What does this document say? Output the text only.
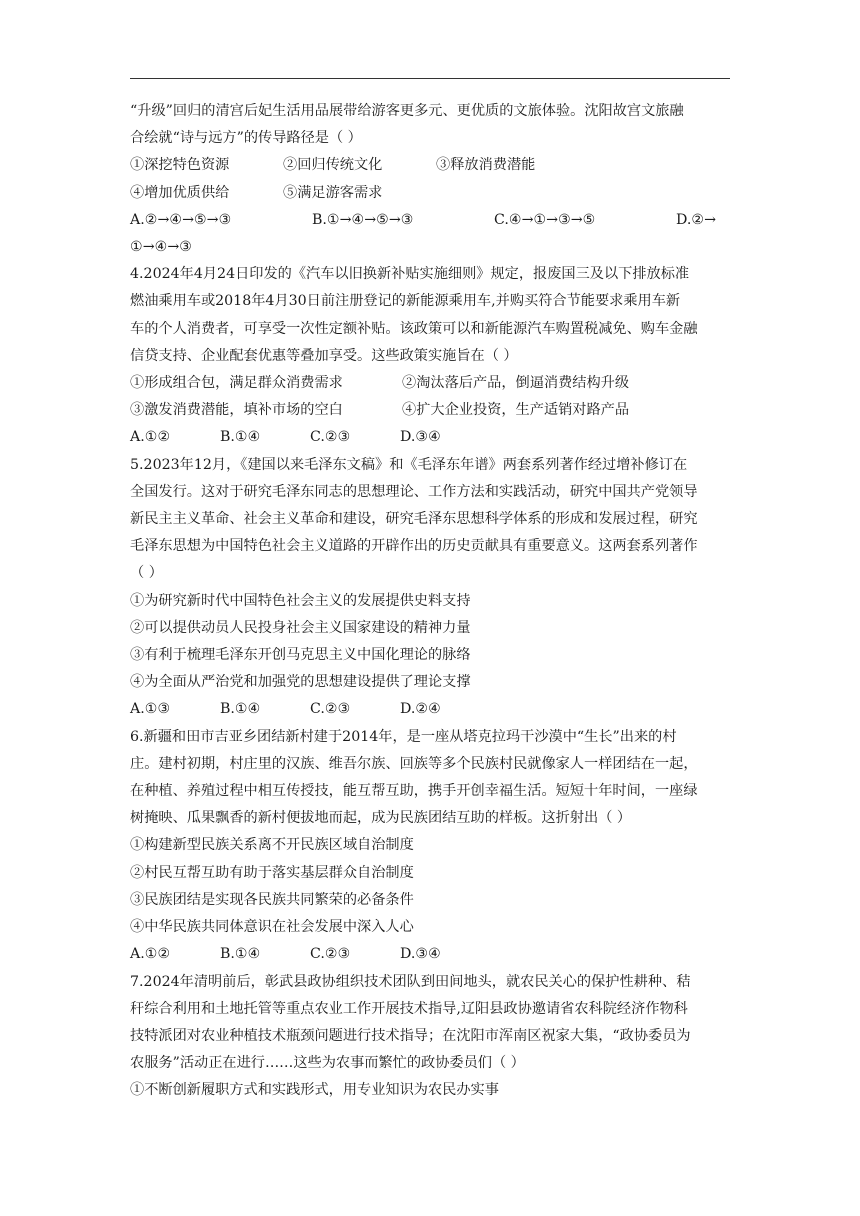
“升级”回归的清宫后妃生活用品展带给游客更多元、更优质的文旅体验。沈阳故宫文旅融
合绘就“诗与远方”的传导路径是（ ）
①深挖特色资源	②回归传统文化	③释放消费潜能
④增加优质供给	⑤满足游客需求
A.②→④→⑤→③	B.①→④→⑤→③	C.④→①→③→⑤	D.②→
①→④→③
4.2024年4月24日印发的《汽车以旧换新补贴实施细则》规定，报废国三及以下排放标准
燃油乘用车或2018年4月30日前注册登记的新能源乘用车,并购买符合节能要求乘用车新
车的个人消费者，可享受一次性定额补贴。该政策可以和新能源汽车购置税减免、购车金融
信贷支持、企业配套优惠等叠加享受。这些政策实施旨在（ ）
①形成组合包，满足群众消费需求	②淘汰落后产品，倒逼消费结构升级
③激发消费潜能，填补市场的空白	④扩大企业投资，生产适销对路产品
A.①②	B.①④	C.②③	D.③④
5.2023年12月，《建国以来毛泽东文稿》和《毛泽东年谱》两套系列著作经过增补修订在
全国发行。这对于研究毛泽东同志的思想理论、工作方法和实践活动，研究中国共产党领导
新民主主义革命、社会主义革命和建设，研究毛泽东思想科学体系的形成和发展过程，研究
毛泽东思想为中国特色社会主义道路的开辟作出的历史贡献具有重要意义。这两套系列著作
（ ）
①为研究新时代中国特色社会主义的发展提供史料支持
②可以提供动员人民投身社会主义国家建设的精神力量
③有利于梳理毛泽东开创马克思主义中国化理论的脉络
④为全面从严治党和加强党的思想建设提供了理论支撑
A.①③	B.①④	C.②③	D.②④
6.新疆和田市吉亚乡团结新村建于2014年，是一座从塔克拉玛干沙漠中“生长”出来的村
庄。建村初期，村庄里的汉族、维吾尔族、回族等多个民族村民就像家人一样团结在一起，
在种植、养殖过程中相互传授技，能互帮互助，携手开创幸福生活。短短十年时间，一座绿
树掩映、瓜果飘香的新村便拔地而起，成为民族团结互助的样板。这折射出（ ）
①构建新型民族关系离不开民族区域自治制度
②村民互帮互助有助于落实基层群众自治制度
③民族团结是实现各民族共同繁荣的必备条件
④中华民族共同体意识在社会发展中深入人心
A.①②	B.①④	C.②③	D.③④
7.2024年清明前后，彰武县政协组织技术团队到田间地头，就农民关心的保护性耕种、秸
秆综合利用和土地托管等重点农业工作开展技术指导,辽阳县政协邀请省农科院经济作物科
技特派团对农业种植技术瓶颈问题进行技术指导；在沈阳市浑南区祝家大集，“政协委员为
农服务”活动正在进行……这些为农事而繁忙的政协委员们（ ）
①不断创新履职方式和实践形式，用专业知识为农民办实事
